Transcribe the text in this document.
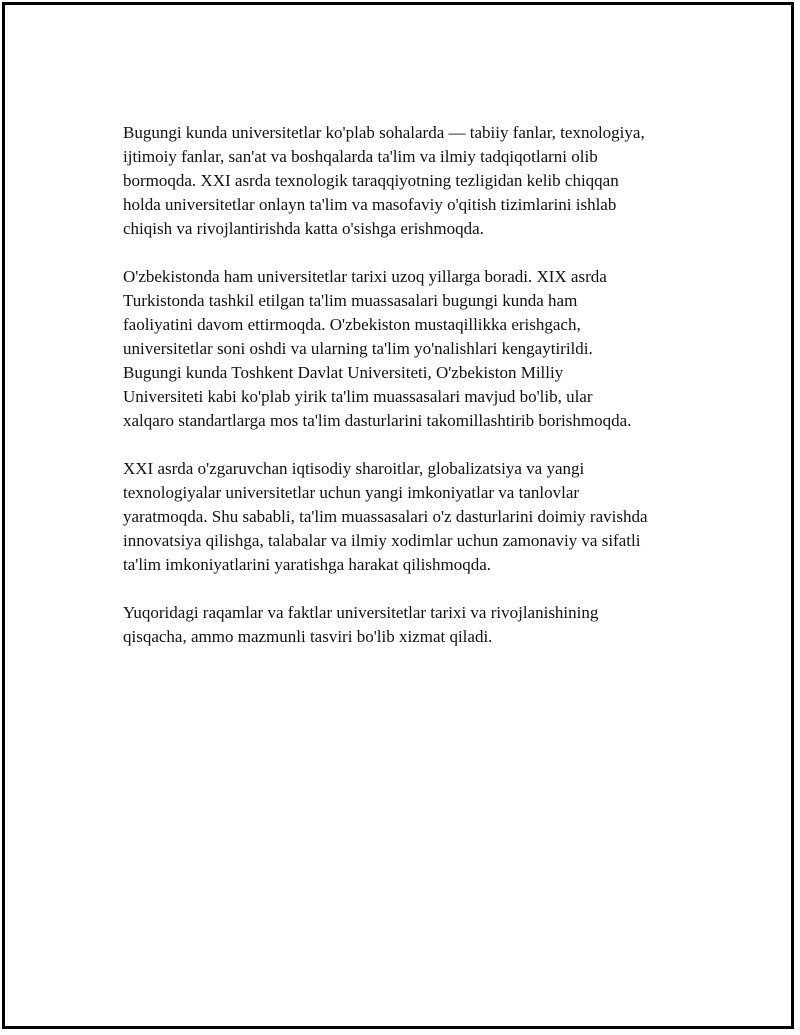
Bugungi kunda universitetlar ko'plab sohalarda — tabiiy fanlar, texnologiya,
ijtimoiy fanlar, san'at va boshqalarda ta'lim va ilmiy tadqiqotlarni olib
bormoqda. XXI asrda texnologik taraqqiyotning tezligidan kelib chiqqan
holda universitetlar onlayn ta'lim va masofaviy o'qitish tizimlarini ishlab
chiqish va rivojlantirishda katta o'sishga erishmoqda.

O'zbekistonda ham universitetlar tarixi uzoq yillarga boradi. XIX asrda
Turkistonda tashkil etilgan ta'lim muassasalari bugungi kunda ham
faoliyatini davom ettirmoqda. O'zbekiston mustaqillikka erishgach,
universitetlar soni oshdi va ularning ta'lim yo'nalishlari kengaytirildi.
Bugungi kunda Toshkent Davlat Universiteti, O'zbekiston Milliy
Universiteti kabi ko'plab yirik ta'lim muassasalari mavjud bo'lib, ular
xalqaro standartlarga mos ta'lim dasturlarini takomillashtirib borishmoqda.

XXI asrda o'zgaruvchan iqtisodiy sharoitlar, globalizatsiya va yangi
texnologiyalar universitetlar uchun yangi imkoniyatlar va tanlovlar
yaratmoqda. Shu sababli, ta'lim muassasalari o'z dasturlarini doimiy ravishda
innovatsiya qilishga, talabalar va ilmiy xodimlar uchun zamonaviy va sifatli
ta'lim imkoniyatlarini yaratishga harakat qilishmoqda.

Yuqoridagi raqamlar va faktlar universitetlar tarixi va rivojlanishining
qisqacha, ammo mazmunli tasviri bo'lib xizmat qiladi.
